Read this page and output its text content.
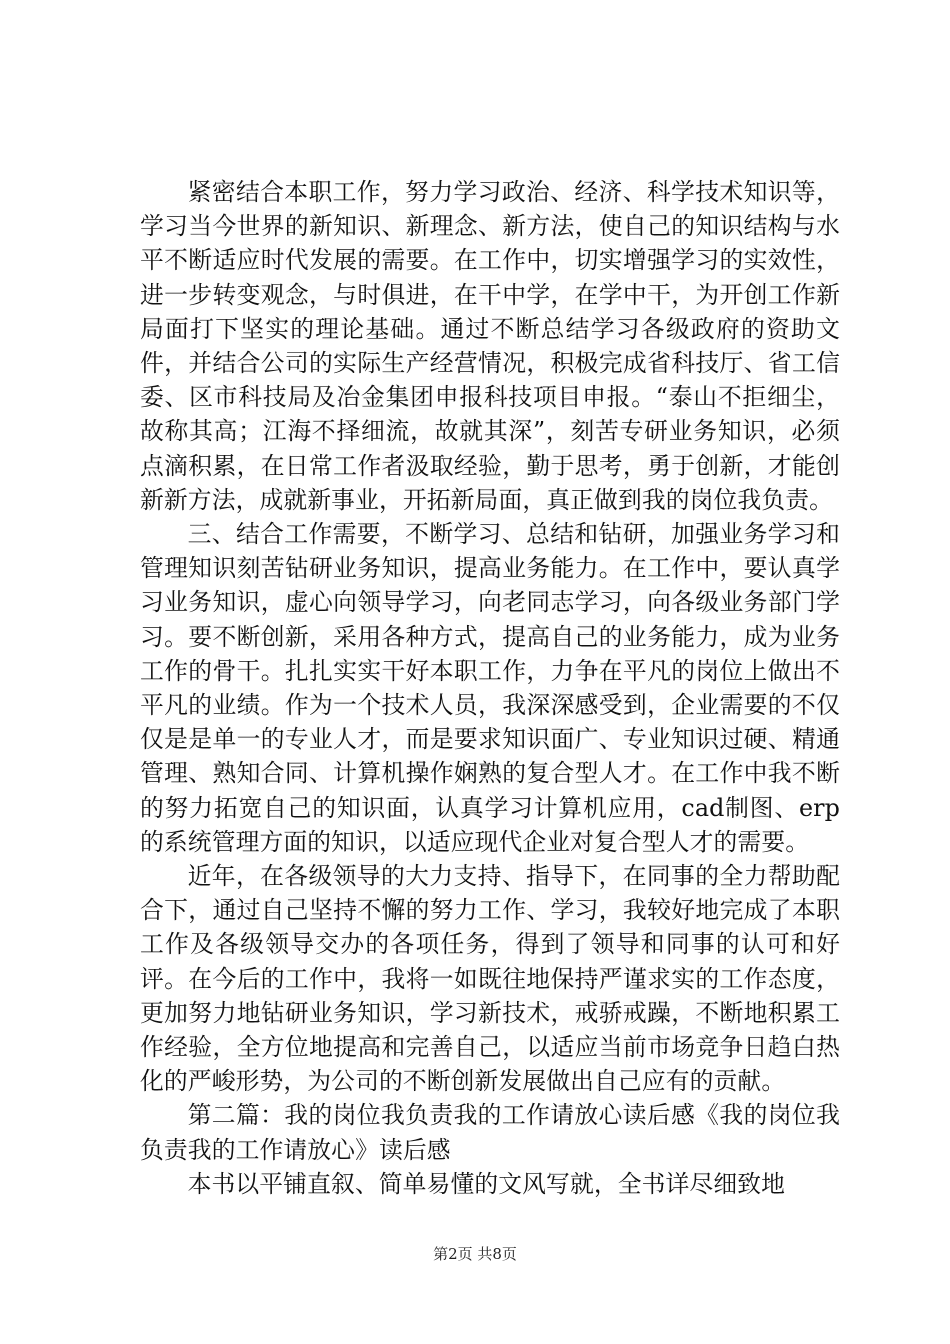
紧密结合本职工作，努力学习政治、经济、科学技术知识等，学习当今世界的新知识、新理念、新方法，使自己的知识结构与水平不断适应时代发展的需要。在工作中，切实增强学习的实效性，进一步转变观念，与时俱进，在干中学，在学中干，为开创工作新局面打下坚实的理论基础。通过不断总结学习各级政府的资助文件，并结合公司的实际生产经营情况，积极完成省科技厅、省工信委、区市科技局及冶金集团申报科技项目申报。“泰山不拒细尘，故称其高；江海不择细流，故就其深”，刻苦专研业务知识，必须点滴积累，在日常工作者汲取经验，勤于思考，勇于创新，才能创新新方法，成就新事业，开拓新局面，真正做到我的岗位我负责。

三、结合工作需要，不断学习、总结和钻研，加强业务学习和管理知识刻苦钻研业务知识，提高业务能力。在工作中，要认真学习业务知识，虚心向领导学习，向老同志学习，向各级业务部门学习。要不断创新，采用各种方式，提高自己的业务能力，成为业务工作的骨干。扎扎实实干好本职工作，力争在平凡的岗位上做出不平凡的业绩。作为一个技术人员，我深深感受到，企业需要的不仅仅是是单一的专业人才，而是要求知识面广、专业知识过硬、精通管理、熟知合同、计算机操作娴熟的复合型人才。在工作中我不断的努力拓宽自己的知识面，认真学习计算机应用，cad制图、erp的系统管理方面的知识，以适应现代企业对复合型人才的需要。

近年，在各级领导的大力支持、指导下，在同事的全力帮助配合下，通过自己坚持不懈的努力工作、学习，我较好地完成了本职工作及各级领导交办的各项任务，得到了领导和同事的认可和好评。在今后的工作中，我将一如既往地保持严谨求实的工作态度，更加努力地钻研业务知识，学习新技术，戒骄戒躁，不断地积累工作经验，全方位地提高和完善自己，以适应当前市场竞争日趋白热化的严峻形势，为公司的不断创新发展做出自己应有的贡献。

第二篇：我的岗位我负责我的工作请放心读后感《我的岗位我负责我的工作请放心》读后感

本书以平铺直叙、简单易懂的文风写就，全书详尽细致地

第2页 共8页
